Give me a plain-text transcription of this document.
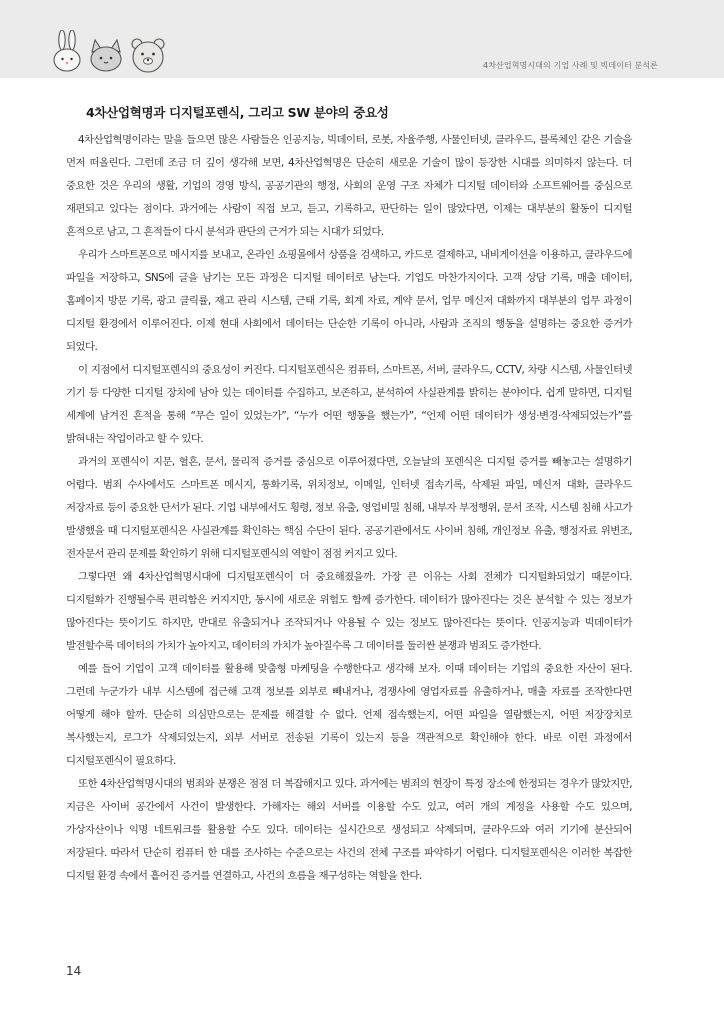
4차산업혁명시대의 기업 사례 및 빅데이터 분석론
4차산업혁명과 디지털포렌식, 그리고 SW 분야의 중요성

4차산업혁명이라는 말을 들으면 많은 사람들은 인공지능, 빅데이터, 로봇, 자율주행, 사물인터넷, 클라우드, 블록체인 같은 기술을 먼저 떠올린다. 그런데 조금 더 깊이 생각해 보면, 4차산업혁명은 단순히 새로운 기술이 많이 등장한 시대를 의미하지 않는다. 더 중요한 것은 우리의 생활, 기업의 경영 방식, 공공기관의 행정, 사회의 운영 구조 자체가 디지털 데이터와 소프트웨어를 중심으로 재편되고 있다는 점이다. 과거에는 사람이 직접 보고, 듣고, 기록하고, 판단하는 일이 많았다면, 이제는 대부분의 활동이 디지털 흔적으로 남고, 그 흔적들이 다시 분석과 판단의 근거가 되는 시대가 되었다.

우리가 스마트폰으로 메시지를 보내고, 온라인 쇼핑몰에서 상품을 검색하고, 카드로 결제하고, 내비게이션을 이용하고, 클라우드에 파일을 저장하고, SNS에 글을 남기는 모든 과정은 디지털 데이터로 남는다. 기업도 마찬가지이다. 고객 상담 기록, 매출 데이터, 홈페이지 방문 기록, 광고 클릭률, 재고 관리 시스템, 근태 기록, 회계 자료, 계약 문서, 업무 메신저 대화까지 대부분의 업무 과정이 디지털 환경에서 이루어진다. 이제 현대 사회에서 데이터는 단순한 기록이 아니라, 사람과 조직의 행동을 설명하는 중요한 증거가 되었다.

이 지점에서 디지털포렌식의 중요성이 커진다. 디지털포렌식은 컴퓨터, 스마트폰, 서버, 클라우드, CCTV, 차량 시스템, 사물인터넷 기기 등 다양한 디지털 장치에 남아 있는 데이터를 수집하고, 보존하고, 분석하여 사실관계를 밝히는 분야이다. 쉽게 말하면, 디지털 세계에 남겨진 흔적을 통해 “무슨 일이 있었는가”, “누가 어떤 행동을 했는가”, “언제 어떤 데이터가 생성·변경·삭제되었는가”를 밝혀내는 작업이라고 할 수 있다.

과거의 포렌식이 지문, 혈흔, 문서, 물리적 증거를 중심으로 이루어졌다면, 오늘날의 포렌식은 디지털 증거를 빼놓고는 설명하기 어렵다. 범죄 수사에서도 스마트폰 메시지, 통화기록, 위치정보, 이메일, 인터넷 접속기록, 삭제된 파일, 메신저 대화, 클라우드 저장자료 등이 중요한 단서가 된다. 기업 내부에서도 횡령, 정보 유출, 영업비밀 침해, 내부자 부정행위, 문서 조작, 시스템 침해 사고가 발생했을 때 디지털포렌식은 사실관계를 확인하는 핵심 수단이 된다. 공공기관에서도 사이버 침해, 개인정보 유출, 행정자료 위변조, 전자문서 관리 문제를 확인하기 위해 디지털포렌식의 역할이 점점 커지고 있다.

그렇다면 왜 4차산업혁명시대에 디지털포렌식이 더 중요해졌을까. 가장 큰 이유는 사회 전체가 디지털화되었기 때문이다. 디지털화가 진행될수록 편리함은 커지지만, 동시에 새로운 위험도 함께 증가한다. 데이터가 많아진다는 것은 분석할 수 있는 정보가 많아진다는 뜻이기도 하지만, 반대로 유출되거나 조작되거나 악용될 수 있는 정보도 많아진다는 뜻이다. 인공지능과 빅데이터가 발전할수록 데이터의 가치가 높아지고, 데이터의 가치가 높아질수록 그 데이터를 둘러싼 분쟁과 범죄도 증가한다.

예를 들어 기업이 고객 데이터를 활용해 맞춤형 마케팅을 수행한다고 생각해 보자. 이때 데이터는 기업의 중요한 자산이 된다. 그런데 누군가가 내부 시스템에 접근해 고객 정보를 외부로 빼내거나, 경쟁사에 영업자료를 유출하거나, 매출 자료를 조작한다면 어떻게 해야 할까. 단순히 의심만으로는 문제를 해결할 수 없다. 언제 접속했는지, 어떤 파일을 열람했는지, 어떤 저장장치로 복사했는지, 로그가 삭제되었는지, 외부 서버로 전송된 기록이 있는지 등을 객관적으로 확인해야 한다. 바로 이런 과정에서 디지털포렌식이 필요하다.

또한 4차산업혁명시대의 범죄와 분쟁은 점점 더 복잡해지고 있다. 과거에는 범죄의 현장이 특정 장소에 한정되는 경우가 많았지만, 지금은 사이버 공간에서 사건이 발생한다. 가해자는 해외 서버를 이용할 수도 있고, 여러 개의 계정을 사용할 수도 있으며, 가상자산이나 익명 네트워크를 활용할 수도 있다. 데이터는 실시간으로 생성되고 삭제되며, 클라우드와 여러 기기에 분산되어 저장된다. 따라서 단순히 컴퓨터 한 대를 조사하는 수준으로는 사건의 전체 구조를 파악하기 어렵다. 디지털포렌식은 이러한 복잡한 디지털 환경 속에서 흩어진 증거를 연결하고, 사건의 흐름을 재구성하는 역할을 한다.

14
